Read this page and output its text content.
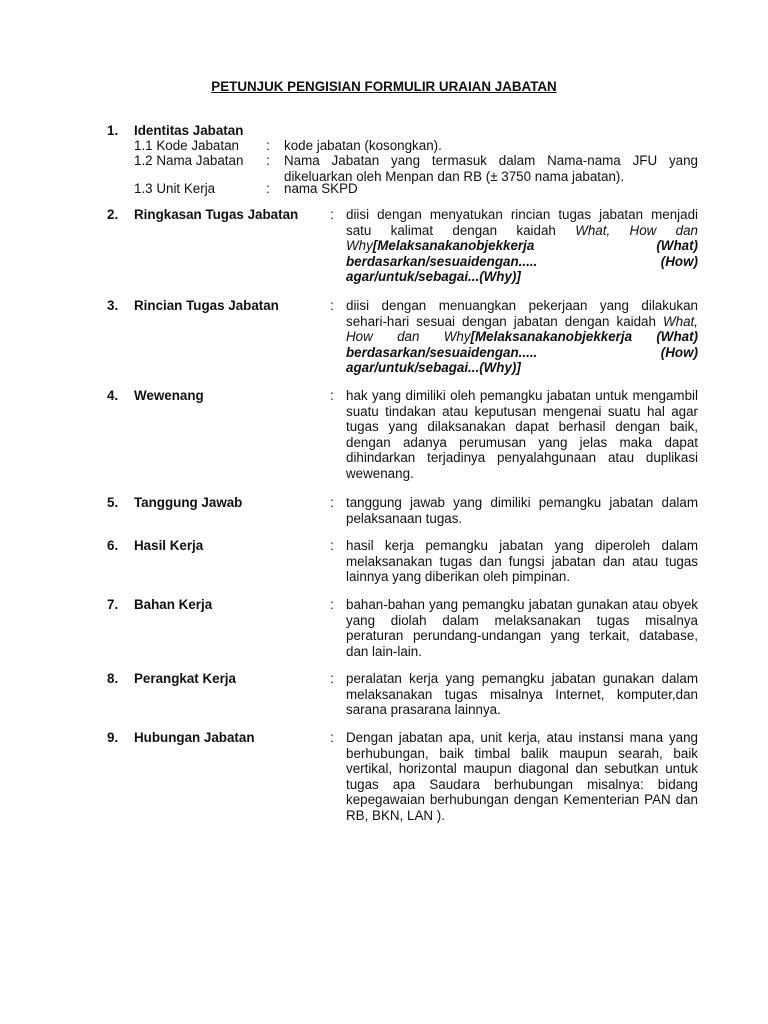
PETUNJUK PENGISIAN FORMULIR URAIAN JABATAN
1. Identitas Jabatan
1.1 Kode Jabatan : kode jabatan (kosongkan).
1.2 Nama Jabatan : Nama Jabatan yang termasuk dalam Nama-nama JFU yang dikeluarkan oleh Menpan dan RB (± 3750 nama jabatan).
1.3 Unit Kerja	: nama SKPD
2. Ringkasan Tugas Jabatan : diisi dengan menyatukan rincian tugas jabatan menjadi satu kalimat dengan kaidah What, How dan Why[Melaksanakanobjekkerja (What) berdasarkan/sesuaidengan..... (How) agar/untuk/sebagai...(Why)]
3. Rincian Tugas Jabatan	: diisi dengan menuangkan pekerjaan yang dilakukan sehari-hari sesuai dengan jabatan dengan kaidah What, How dan Why[Melaksanakanobjekkerja (What) berdasarkan/sesuaidengan..... (How) agar/untuk/sebagai...(Why)]
4. Wewenang	: hak yang dimiliki oleh pemangku jabatan untuk mengambil suatu tindakan atau keputusan mengenai suatu hal agar tugas yang dilaksanakan dapat berhasil dengan baik, dengan adanya perumusan yang jelas maka dapat dihindarkan terjadinya penyalahgunaan atau duplikasi wewenang.
5. Tanggung Jawab	: tanggung jawab yang dimiliki pemangku jabatan dalam pelaksanaan tugas.
6. Hasil Kerja	: hasil kerja pemangku jabatan yang diperoleh dalam melaksanakan tugas dan fungsi jabatan dan atau tugas lainnya yang diberikan oleh pimpinan.
7. Bahan Kerja	: bahan-bahan yang pemangku jabatan gunakan atau obyek yang diolah dalam melaksanakan tugas misalnya peraturan perundang-undangan yang terkait, database, dan lain-lain.
8. Perangkat Kerja	: peralatan kerja yang pemangku jabatan gunakan dalam melaksanakan tugas misalnya Internet, komputer,dan sarana prasarana lainnya.
9. Hubungan Jabatan	: Dengan jabatan apa, unit kerja, atau instansi mana yang berhubungan, baik timbal balik maupun searah, baik vertikal, horizontal maupun diagonal dan sebutkan untuk tugas apa Saudara berhubungan misalnya: bidang kepegawaian berhubungan dengan Kementerian PAN dan RB, BKN, LAN ).
